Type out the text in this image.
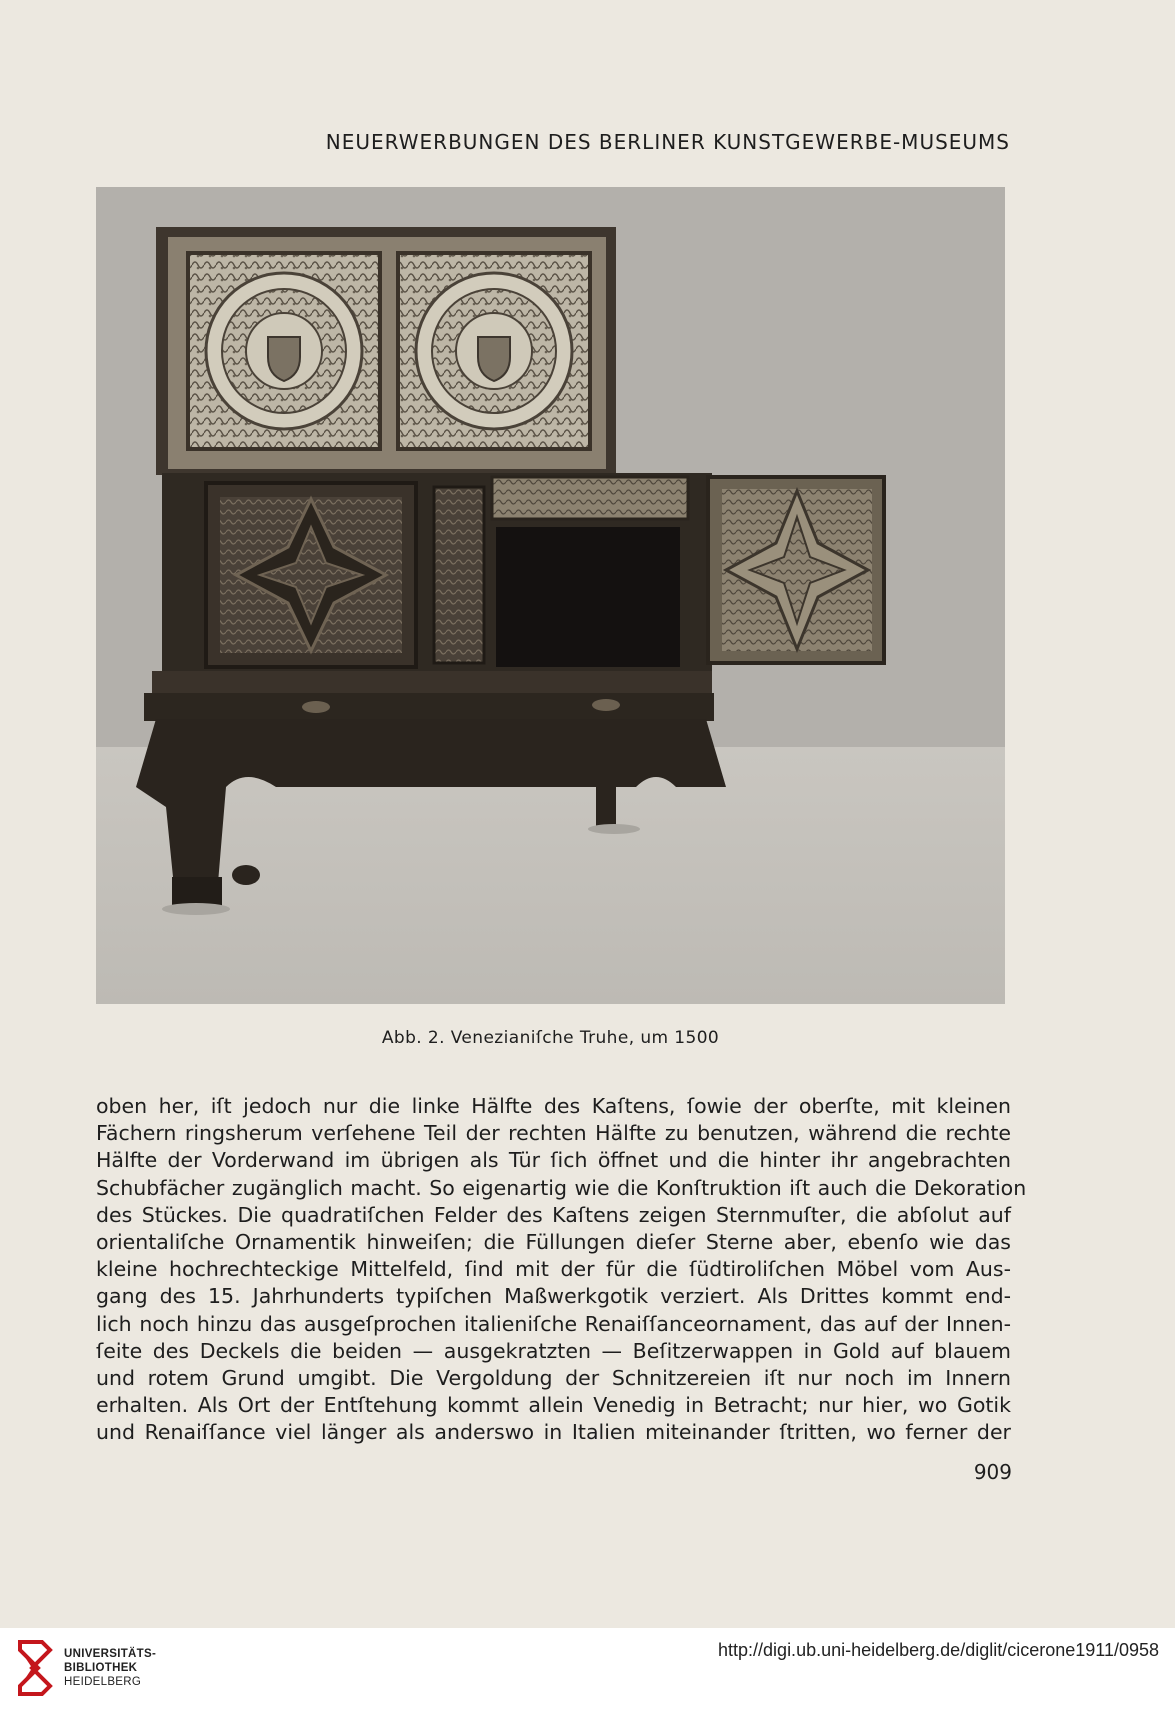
NEUERWERBUNGEN DES BERLINER KUNSTGEWERBE-MUSEUMS
Abb. 2. Venezianiſche Truhe, um 1500
oben her, iſt jedoch nur die linke Hälfte des Kaſtens, ſowie der oberſte, mit kleinen
Fächern ringsherum verſehene Teil der rechten Hälfte zu benutzen, während die rechte
Hälfte der Vorderwand im übrigen als Tür ſich öffnet und die hinter ihr angebrachten
Schubfächer zugänglich macht. So eigenartig wie die Konſtruktion iſt auch die Dekoration
des Stückes. Die quadratiſchen Felder des Kaſtens zeigen Sternmuſter, die abſolut auf
orientaliſche Ornamentik hinweiſen; die Füllungen dieſer Sterne aber, ebenſo wie das
kleine hochrechteckige Mittelfeld, ſind mit der für die ſüdtiroliſchen Möbel vom Aus-
gang des 15. Jahrhunderts typiſchen Maßwerkgotik verziert. Als Drittes kommt end-
lich noch hinzu das ausgeſprochen italieniſche Renaiſſanceornament, das auf der Innen-
ſeite des Deckels die beiden — ausgekratzten — Beſitzerwappen in Gold auf blauem
und rotem Grund umgibt. Die Vergoldung der Schnitzereien iſt nur noch im Innern
erhalten. Als Ort der Entſtehung kommt allein Venedig in Betracht; nur hier, wo Gotik
und Renaiſſance viel länger als anderswo in Italien miteinander ſtritten, wo ferner der
909
UNIVERSITÄTS-
BIBLIOTHEK
HEIDELBERG
http://digi.ub.uni-heidelberg.de/diglit/cicerone1911/0958
